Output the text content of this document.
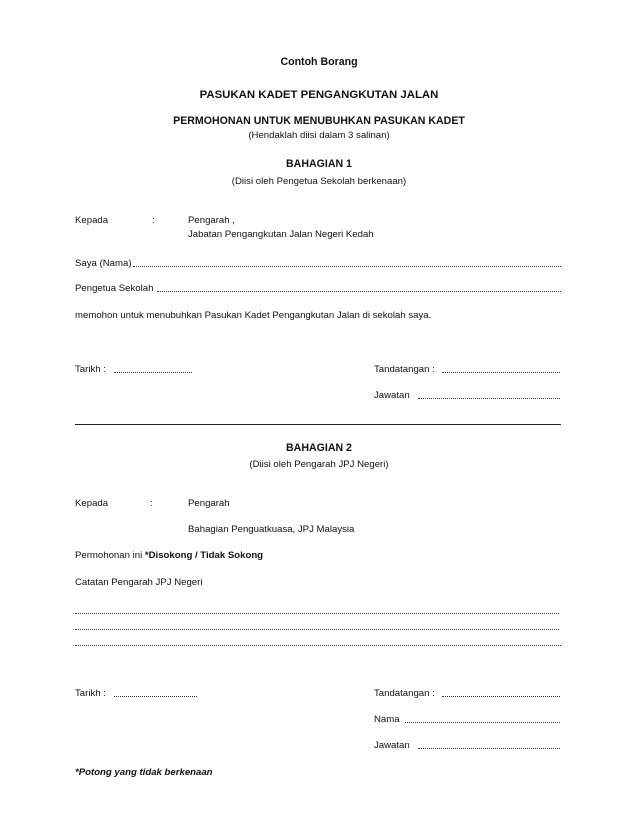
Contoh Borang
PASUKAN KADET PENGANGKUTAN JALAN
PERMOHONAN UNTUK MENUBUHKAN PASUKAN KADET
(Hendaklah diisi dalam 3 salinan)
BAHAGIAN 1
(Diisi oleh Pengetua Sekolah berkenaan)
Kepada	:	Pengarah ,
Jabatan Pengangkutan Jalan Negeri Kedah
Saya (Nama)
Pengetua Sekolah
memohon untuk menubuhkan Pasukan Kadet Pengangkutan Jalan di sekolah saya.
Tarikh :	Tandatangan :
Jawatan
BAHAGIAN 2
(Diisi oleh Pengarah JPJ Negeri)
Kepada	:	Pengarah
Bahagian Penguatkuasa, JPJ Malaysia
Permohonan ini *Disokong / Tidak Sokong
Catatan Pengarah JPJ Negeri
Tarikh :	Tandatangan :
Nama
Jawatan
*Potong yang tidak berkenaan
